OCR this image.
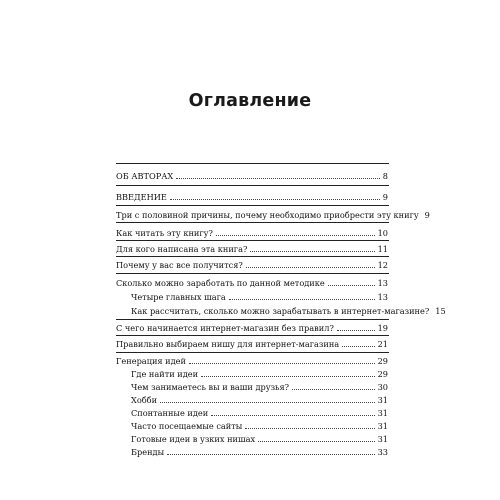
Оглавление
ОБ АВТОРАХ	8
ВВЕДЕНИЕ	9
Три с половиной причины, почему необходимо приобрести эту книгу 9
Как читать эту книгу?	10
Для кого написана эта книга?	11
Почему у вас все получится?	12
Сколько можно заработать по данной методике	13
Четыре главных шага	13
Как рассчитать, сколько можно зарабатывать в интернет-магазине? 15
С чего начинается интернет-магазин без правил?	19
Правильно выбираем нишу для интернет-магазина	21
Генерация идей	29
Где найти идеи	29
Чем занимаетесь вы и ваши друзья?	30
Хобби	31
Спонтанные идеи	31
Часто посещаемые сайты	31
Готовые идеи в узких нишах	31
Бренды	33
